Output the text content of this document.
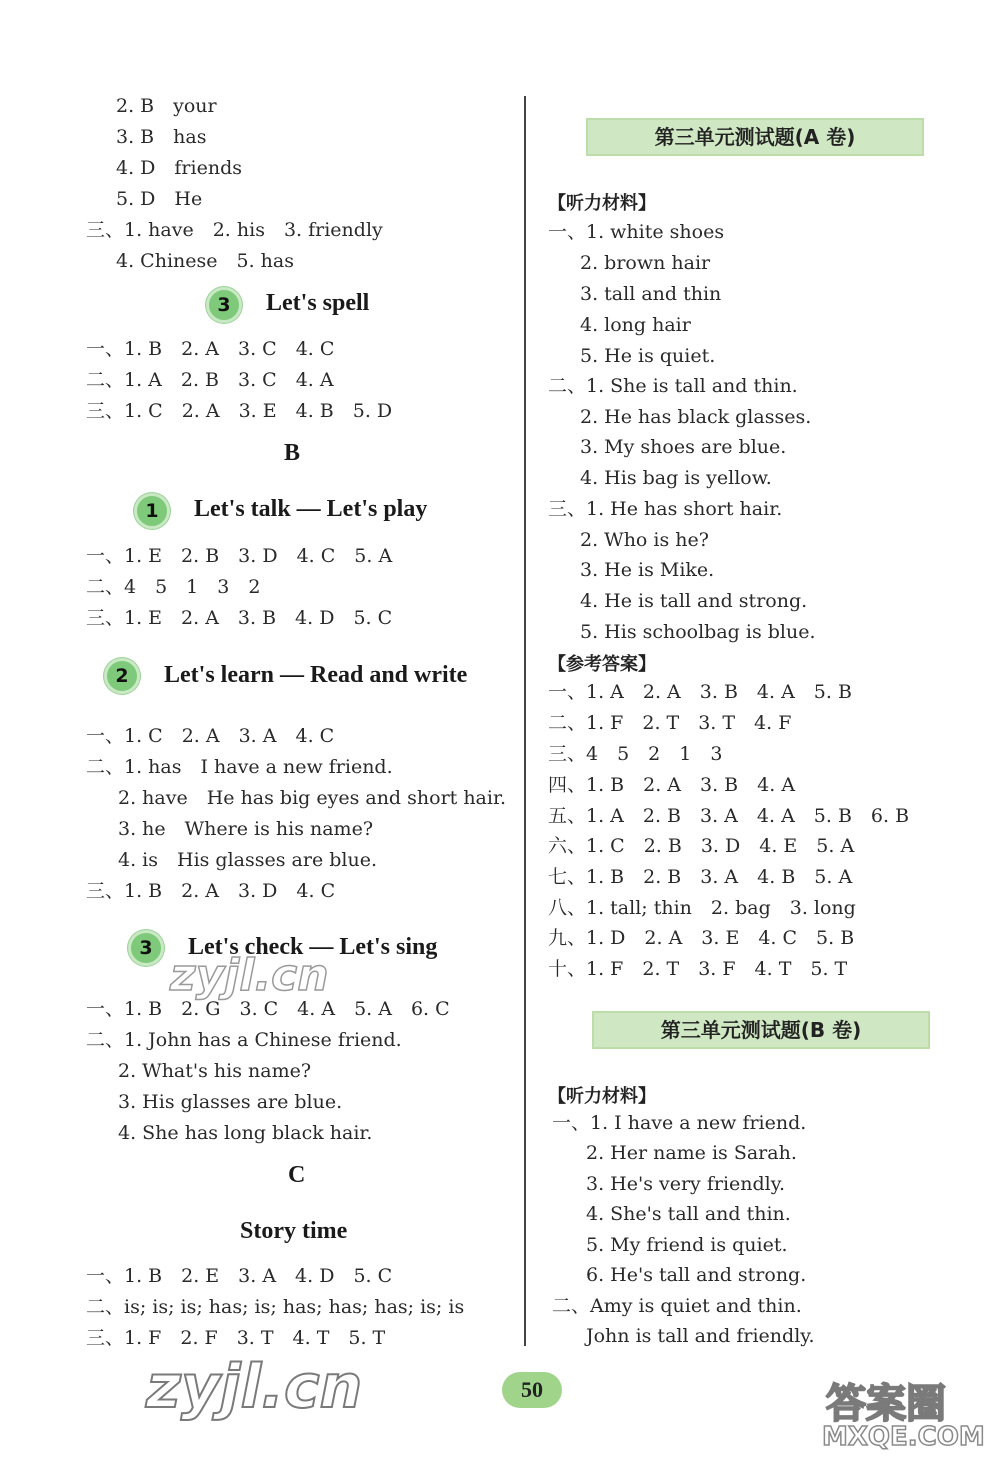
2. B　your
3. B　has
4. D　friends
5. D　He
三、1. have　2. his　3. friendly
4. Chinese　5. has
3	Let's spell
一、1. B　2. A　3. C　4. C
二、1. A　2. B　3. C　4. A
三、1. C　2. A　3. E　4. B　5. D
B
1	Let's talk — Let's play
一、1. E　2. B　3. D　4. C　5. A
二、4　5　1　3　2
三、1. E　2. A　3. B　4. D　5. C
2	Let's learn — Read and write
一、1. C　2. A　3. A　4. C
二、1. has　I have a new friend.
2. have　He has big eyes and short hair.
3. he　Where is his name?
4. is　His glasses are blue.
三、1. B　2. A　3. D　4. C
3	Let's check — Let's sing
一、1. B　2. G　3. C　4. A　5. A　6. C
二、1. John has a Chinese friend.
2. What's his name?
3. His glasses are blue.
4. She has long black hair.
C
Story time
一、1. B　2. E　3. A　4. D　5. C
二、is; is; is; has; is; has; has; has; is; is
三、1. F　2. F　3. T　4. T　5. T
第三单元测试题(A 卷)
【听力材料】
一、1. white shoes
2. brown hair
3. tall and thin
4. long hair
5. He is quiet.
二、1. She is tall and thin.
2. He has black glasses.
3. My shoes are blue.
4. His bag is yellow.
三、1. He has short hair.
2. Who is he?
3. He is Mike.
4. He is tall and strong.
5. His schoolbag is blue.
【参考答案】
一、1. A　2. A　3. B　4. A　5. B
二、1. F　2. T　3. T　4. F
三、4　5　2　1　3
四、1. B　2. A　3. B　4. A
五、1. A　2. B　3. A　4. A　5. B　6. B
六、1. C　2. B　3. D　4. E　5. A
七、1. B　2. B　3. A　4. B　5. A
八、1. tall; thin　2. bag　3. long
九、1. D　2. A　3. E　4. C　5. B
十、1. F　2. T　3. F　4. T　5. T
第三单元测试题(B 卷)
【听力材料】
一、1. I have a new friend.
2. Her name is Sarah.
3. He's very friendly.
4. She's tall and thin.
5. My friend is quiet.
6. He's tall and strong.
二、Amy is quiet and thin.
John is tall and friendly.
50
zyjl.cn
zyjl.cn
答案圈
MXQE.COM
